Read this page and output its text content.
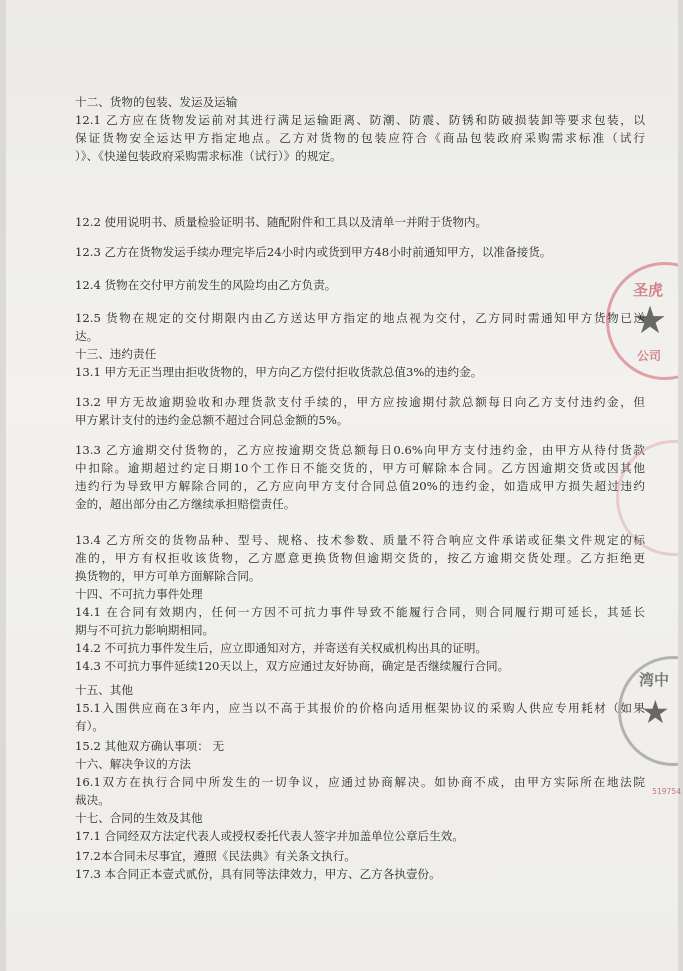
十二、货物的包装、发运及运输
12.1 乙方应在货物发运前对其进行满足运输距离、防潮、防震、防锈和防破损装卸等要求包装，以
保证货物安全运达甲方指定地点。乙方对货物的包装应符合《商品包装政府采购需求标准（试行
）》、《快递包装政府采购需求标准（试行）》的规定。
12.2 使用说明书、质量检验证明书、随配附件和工具以及清单一并附于货物内。
12.3 乙方在货物发运手续办理完毕后24小时内或货到甲方48小时前通知甲方，以准备接货。
12.4 货物在交付甲方前发生的风险均由乙方负责。
12.5 货物在规定的交付期限内由乙方送达甲方指定的地点视为交付，乙方同时需通知甲方货物已送
达。
十三、违约责任
13.1 甲方无正当理由拒收货物的，甲方向乙方偿付拒收货款总值3%的违约金。
13.2 甲方无故逾期验收和办理货款支付手续的，甲方应按逾期付款总额每日向乙方支付违约金，但
甲方累计支付的违约金总额不超过合同总金额的5%。
13.3 乙方逾期交付货物的，乙方应按逾期交货总额每日0.6%向甲方支付违约金，由甲方从待付货款
中扣除。逾期超过约定日期10个工作日不能交货的，甲方可解除本合同。乙方因逾期交货或因其他
违约行为导致甲方解除合同的，乙方应向甲方支付合同总值20%的违约金，如造成甲方损失超过违约
金的，超出部分由乙方继续承担赔偿责任。
13.4 乙方所交的货物品种、型号、规格、技术参数、质量不符合响应文件承诺或征集文件规定的标
准的，甲方有权拒收该货物，乙方愿意更换货物但逾期交货的，按乙方逾期交货处理。乙方拒绝更
换货物的，甲方可单方面解除合同。
十四、不可抗力事件处理
14.1 在合同有效期内，任何一方因不可抗力事件导致不能履行合同，则合同履行期可延长，其延长
期与不可抗力影响期相同。
14.2 不可抗力事件发生后，应立即通知对方，并寄送有关权威机构出具的证明。
14.3 不可抗力事件延续120天以上，双方应通过友好协商，确定是否继续履行合同。
十五、其他
15.1入围供应商在3年内，应当以不高于其报价的价格向适用框架协议的采购人供应专用耗材（如果
有）。
15.2 其他双方确认事项： 无
十六、解决争议的方法
16.1双方在执行合同中所发生的一切争议，应通过协商解决。如协商不成，由甲方实际所在地法院
裁决。
十七、合同的生效及其他
17.1 合同经双方法定代表人或授权委托代表人签字并加盖单位公章后生效。
17.2本合同未尽事宜，遵照《民法典》有关条文执行。
17.3 本合同正本壹式贰份，具有同等法律效力，甲方、乙方各执壹份。
圣虎
★
公司
湾中
★
519754
